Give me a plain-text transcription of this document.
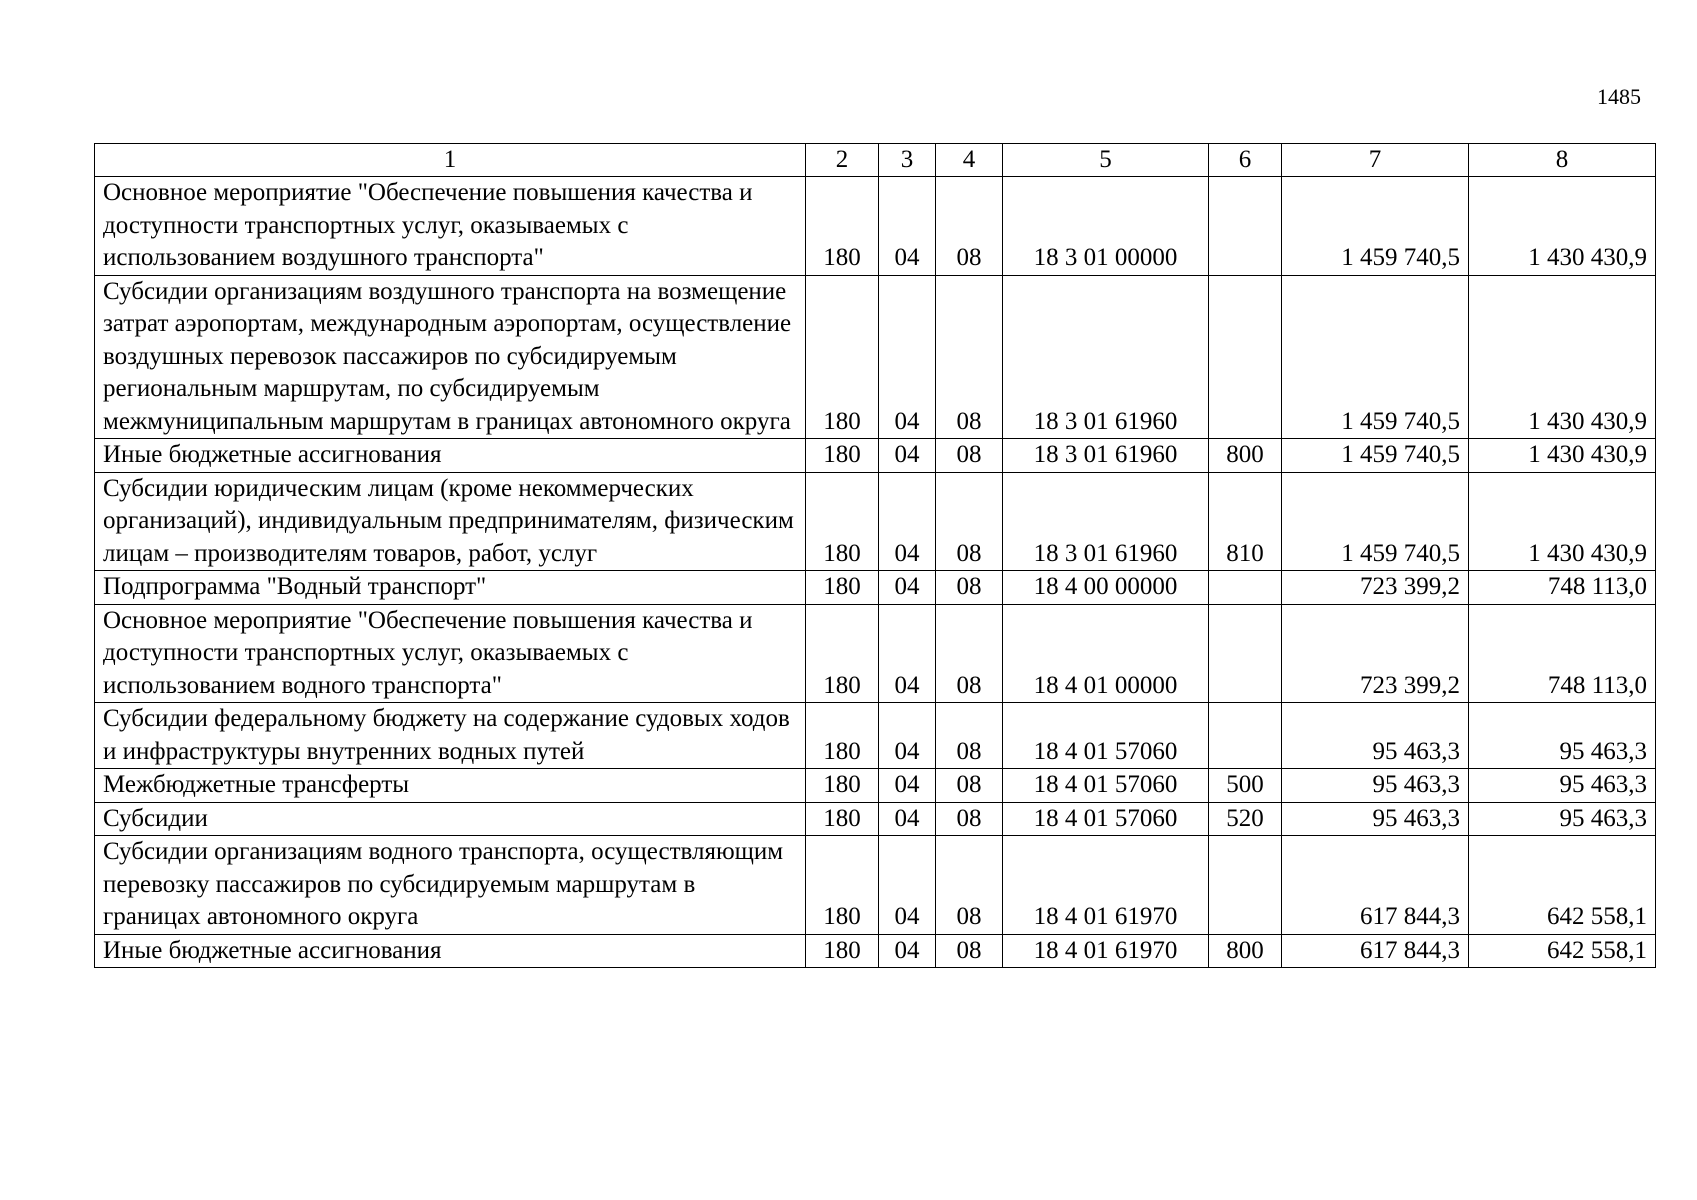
1485
1	2	3	4	5	6	7	8
Основное мероприятие "Обеспечение повышения качества и доступности транспортных услуг, оказываемых с использованием воздушного транспорта"	180	04	08	18 3 01 00000		1 459 740,5	1 430 430,9
Субсидии организациям воздушного транспорта на возмещение затрат аэропортам, международным аэропортам, осуществление воздушных перевозок пассажиров по субсидируемым региональным маршрутам, по субсидируемым межмуниципальным маршрутам в границах автономного округа	180	04	08	18 3 01 61960		1 459 740,5	1 430 430,9
Иные бюджетные ассигнования	180	04	08	18 3 01 61960	800	1 459 740,5	1 430 430,9
Субсидии юридическим лицам (кроме некоммерческих организаций), индивидуальным предпринимателям, физическим лицам – производителям товаров, работ, услуг	180	04	08	18 3 01 61960	810	1 459 740,5	1 430 430,9
Подпрограмма "Водный транспорт"	180	04	08	18 4 00 00000		723 399,2	748 113,0
Основное мероприятие "Обеспечение повышения качества и доступности транспортных услуг, оказываемых с использованием водного транспорта"	180	04	08	18 4 01 00000		723 399,2	748 113,0
Субсидии федеральному бюджету на содержание судовых ходов и инфраструктуры внутренних водных путей	180	04	08	18 4 01 57060		95 463,3	95 463,3
Межбюджетные трансферты	180	04	08	18 4 01 57060	500	95 463,3	95 463,3
Субсидии	180	04	08	18 4 01 57060	520	95 463,3	95 463,3
Субсидии организациям водного транспорта, осуществляющим перевозку пассажиров по субсидируемым маршрутам в границах автономного округа	180	04	08	18 4 01 61970		617 844,3	642 558,1
Иные бюджетные ассигнования	180	04	08	18 4 01 61970	800	617 844,3	642 558,1
